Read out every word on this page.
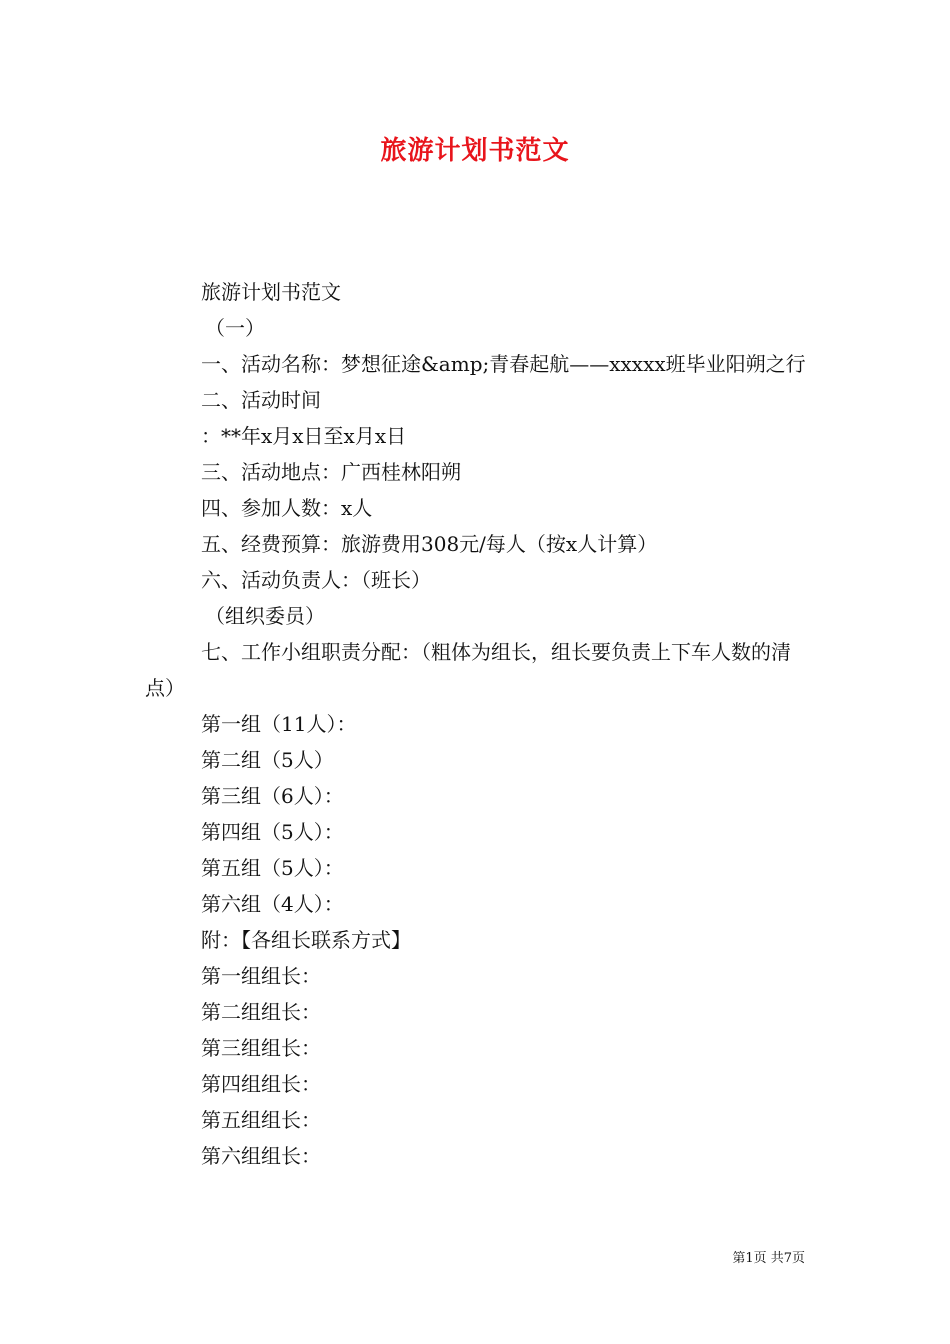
旅游计划书范文
旅游计划书范文
（一）
一、活动名称：梦想征途&amp;青春起航——xxxxx班毕业阳朔之行
二、活动时间
：**年x月x日至x月x日
三、活动地点：广西桂林阳朔
四、参加人数：x人
五、经费预算：旅游费用308元/每人（按x人计算）
六、活动负责人：（班长）
（组织委员）
七、工作小组职责分配：（粗体为组长，组长要负责上下车人数的清点）
第一组（11人）：
第二组（5人）
第三组（6人）：
第四组（5人）：
第五组（5人）：
第六组（4人）：
附：【各组长联系方式】
第一组组长：
第二组组长：
第三组组长：
第四组组长：
第五组组长：
第六组组长：
第1页 共7页
